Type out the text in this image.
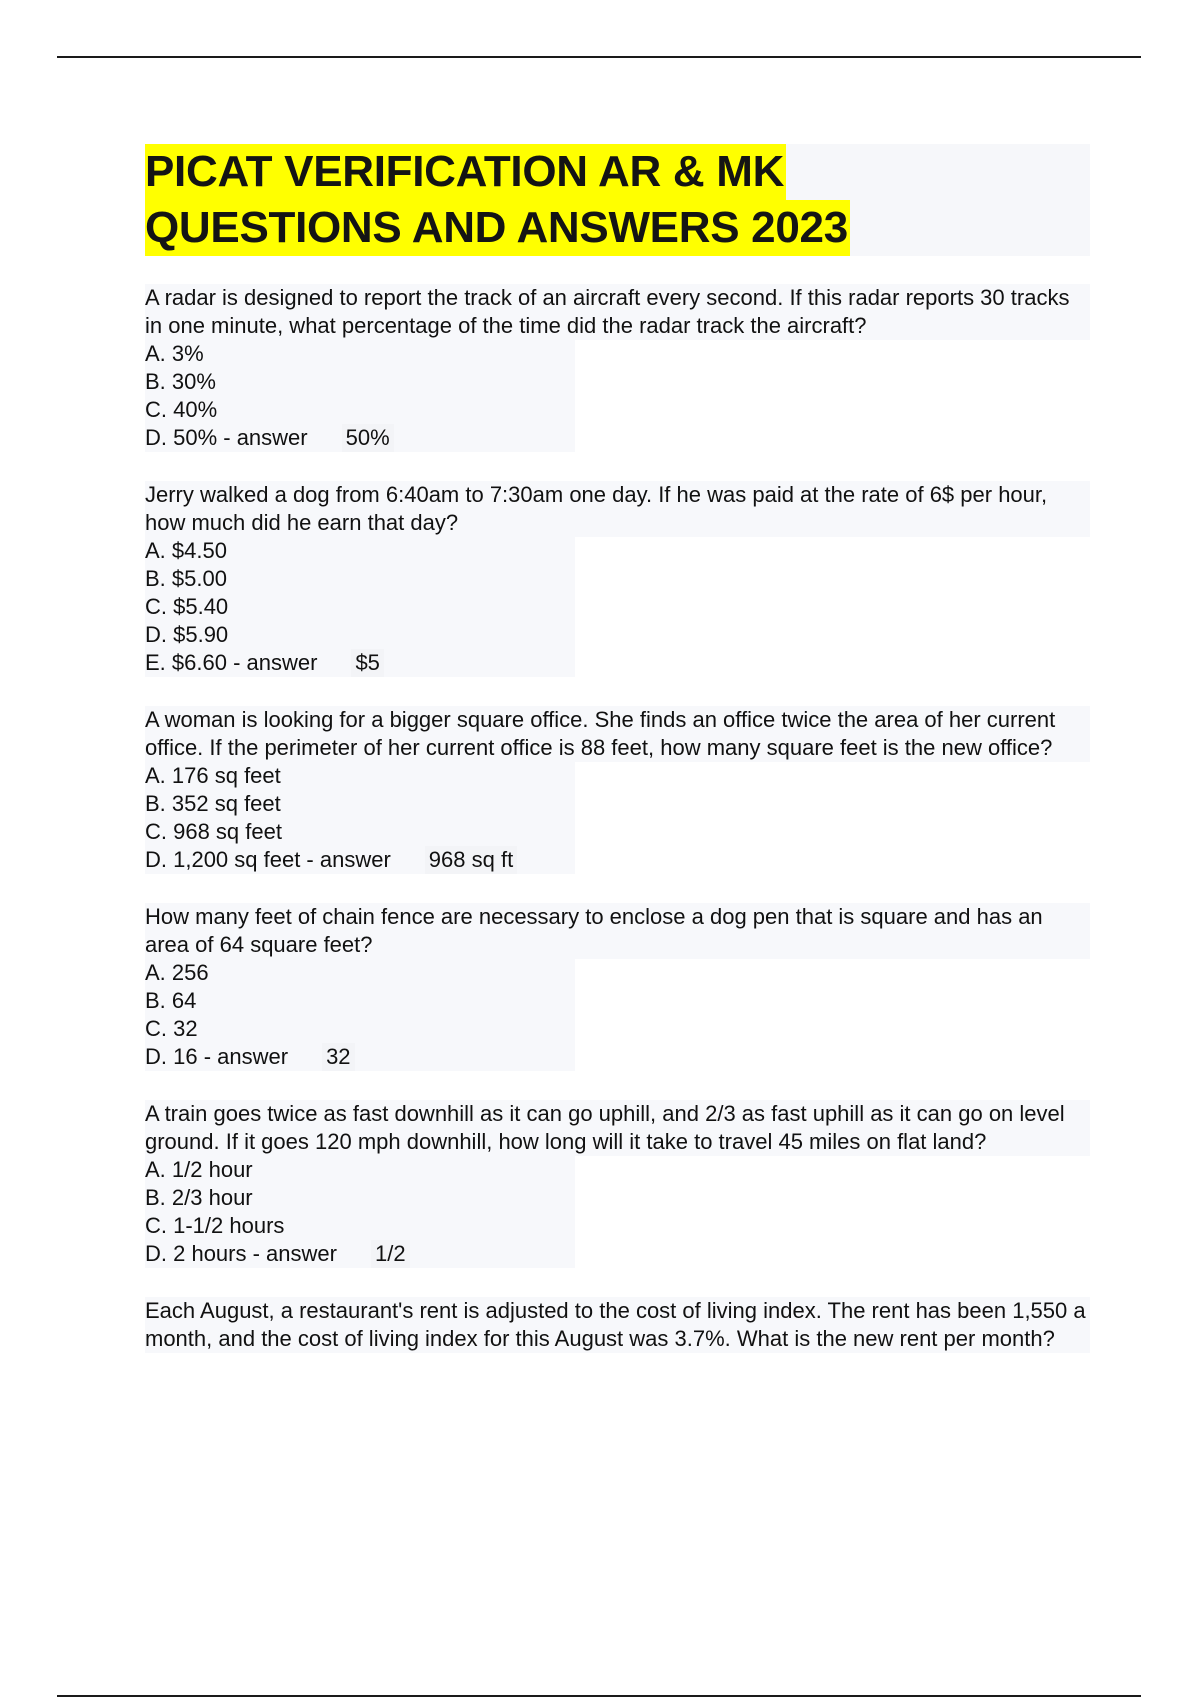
PICAT VERIFICATION AR & MK
QUESTIONS AND ANSWERS 2023
A radar is designed to report the track of an aircraft every second. If this radar reports 30 tracks in one minute, what percentage of the time did the radar track the aircraft?
A. 3%
B. 30%
C. 40%
D. 50% - answer 50%
Jerry walked a dog from 6:40am to 7:30am one day. If he was paid at the rate of 6$ per hour, how much did he earn that day?
A. $4.50
B. $5.00
C. $5.40
D. $5.90
E. $6.60 - answer $5
A woman is looking for a bigger square office. She finds an office twice the area of her current office. If the perimeter of her current office is 88 feet, how many square feet is the new office?
A. 176 sq feet
B. 352 sq feet
C. 968 sq feet
D. 1,200 sq feet - answer 968 sq ft
How many feet of chain fence are necessary to enclose a dog pen that is square and has an area of 64 square feet?
A. 256
B. 64
C. 32
D. 16 - answer 32
A train goes twice as fast downhill as it can go uphill, and 2/3 as fast uphill as it can go on level ground. If it goes 120 mph downhill, how long will it take to travel 45 miles on flat land?
A. 1/2 hour
B. 2/3 hour
C. 1-1/2 hours
D. 2 hours - answer 1/2
Each August, a restaurant's rent is adjusted to the cost of living index. The rent has been 1,550 a month, and the cost of living index for this August was 3.7%. What is the new rent per month?
